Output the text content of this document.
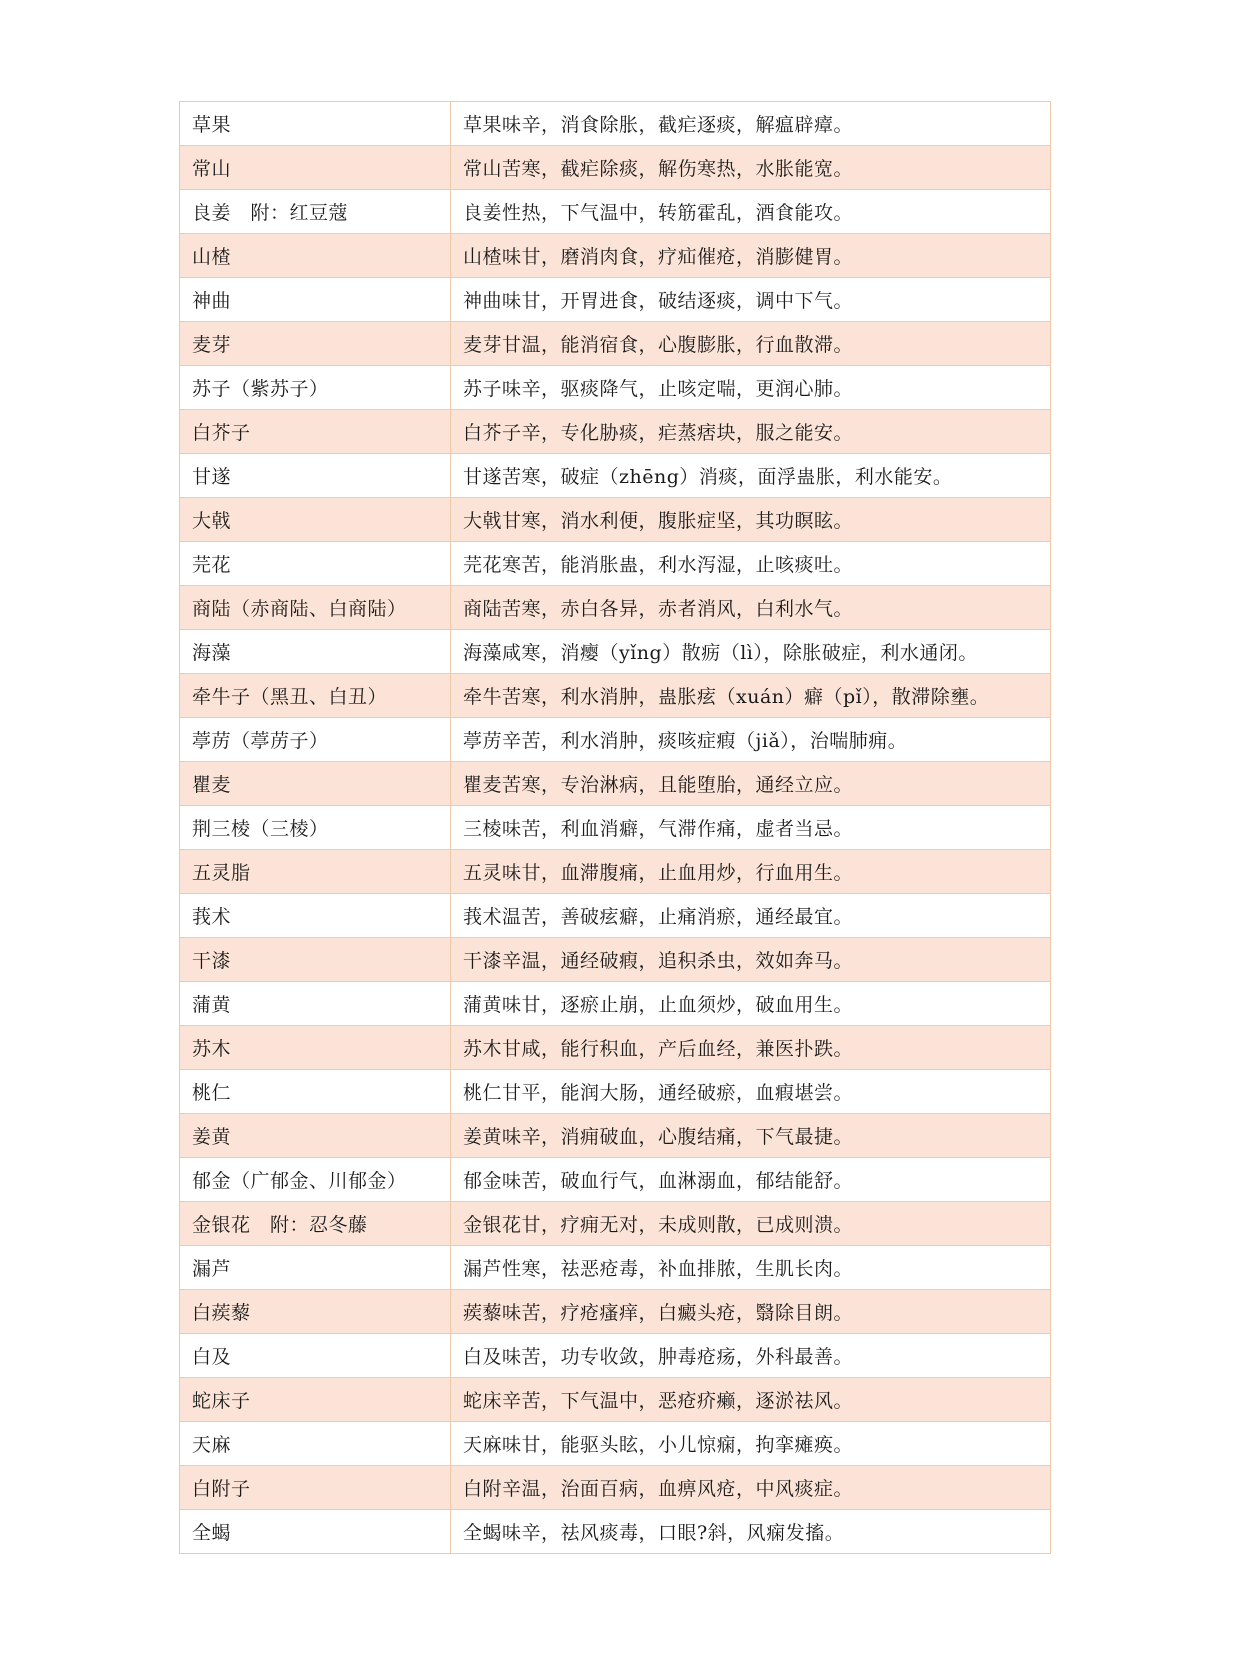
草果	草果味辛，消食除胀，截疟逐痰，解瘟辟瘴。
常山	常山苦寒，截疟除痰，解伤寒热，水胀能宽。
良姜　附：红豆蔻	良姜性热，下气温中，转筋霍乱，酒食能攻。
山楂	山楂味甘，磨消肉食，疗疝催疮，消膨健胃。
神曲	神曲味甘，开胃进食，破结逐痰，调中下气。
麦芽	麦芽甘温，能消宿食，心腹膨胀，行血散滞。
苏子（紫苏子）	苏子味辛，驱痰降气，止咳定喘，更润心肺。
白芥子	白芥子辛，专化胁痰，疟蒸痞块，服之能安。
甘遂	甘遂苦寒，破症（zhēng）消痰，面浮蛊胀，利水能安。
大戟	大戟甘寒，消水利便，腹胀症坚，其功瞑眩。
芫花	芫花寒苦，能消胀蛊，利水泻湿，止咳痰吐。
商陆（赤商陆、白商陆）	商陆苦寒，赤白各异，赤者消风，白利水气。
海藻	海藻咸寒，消瘿（yǐng）散疬（lì），除胀破症，利水通闭。
牵牛子（黑丑、白丑）	牵牛苦寒，利水消肿，蛊胀痃（xuán）癖（pǐ），散滞除壅。
葶苈（葶苈子）	葶苈辛苦，利水消肿，痰咳症瘕（jiǎ），治喘肺痈。
瞿麦	瞿麦苦寒，专治淋病，且能堕胎，通经立应。
荆三棱（三棱）	三棱味苦，利血消癖，气滞作痛，虚者当忌。
五灵脂	五灵味甘，血滞腹痛，止血用炒，行血用生。
莪术	莪术温苦，善破痃癖，止痛消瘀，通经最宜。
干漆	干漆辛温，通经破瘕，追积杀虫，效如奔马。
蒲黄	蒲黄味甘，逐瘀止崩，止血须炒，破血用生。
苏木	苏木甘咸，能行积血，产后血经，兼医扑跌。
桃仁	桃仁甘平，能润大肠，通经破瘀，血瘕堪尝。
姜黄	姜黄味辛，消痈破血，心腹结痛，下气最捷。
郁金（广郁金、川郁金）	郁金味苦，破血行气，血淋溺血，郁结能舒。
金银花　附：忍冬藤	金银花甘，疗痈无对，未成则散，已成则溃。
漏芦	漏芦性寒，祛恶疮毒，补血排脓，生肌长肉。
白蒺藜	蒺藜味苦，疗疮瘙痒，白癜头疮，翳除目朗。
白及	白及味苦，功专收敛，肿毒疮疡，外科最善。
蛇床子	蛇床辛苦，下气温中，恶疮疥癞，逐淤祛风。
天麻	天麻味甘，能驱头眩，小儿惊痫，拘挛瘫痪。
白附子	白附辛温，治面百病，血痹风疮，中风痰症。
全蝎	全蝎味辛，祛风痰毒，口眼?斜，风痫发搐。
